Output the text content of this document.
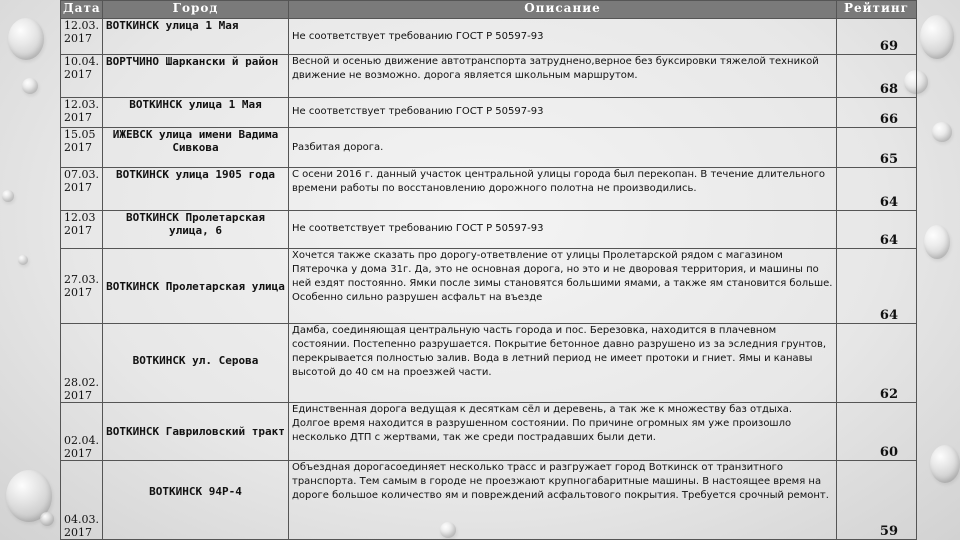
Дата	Город	Описание	Рейтинг
12.03. 2017	ВОТКИНСК улица 1 Мая	Не соответствует требованию ГОСТ Р 50597-93	69
10.04. 2017	ВОРТЧИНО Шаркански й район	Весной и осенью движение автотранспорта затруднено,верное без буксировки тяжелой техникой движение не возможно. дорога является школьным маршрутом.	68
12.03. 2017	ВОТКИНСК улица 1 Мая	Не соответствует требованию ГОСТ Р 50597-93	66
15.05 2017	ИЖЕВСК улица имени Вадима Сивкова	Разбитая дорога.	65
07.03. 2017	ВОТКИНСК улица 1905 года	С осени 2016 г. данный участок центральной улицы города был перекопан. В течение длительного времени работы по восстановлению дорожного полотна не производились.	64
12.03 2017	ВОТКИНСК Пролетарская улица, 6	Не соответствует требованию ГОСТ Р 50597-93	64
27.03. 2017	ВОТКИНСК Пролетарская улица	Хочется также сказать про дорогу-ответвление от улицы Пролетарской рядом с магазином Пятерочка у дома 31г. Да, это не основная дорога, но это и не дворовая территория, и машины по ней ездят постоянно. Ямки после зимы становятся большими ямами, а также ям становится больше. Особенно сильно разрушен асфальт на въезде	64
28.02. 2017	ВОТКИНСК ул. Серова	Дамба, соединяющая центральную часть города и пос. Березовка, находится в плачевном состоянии. Постепенно разрушается. Покрытие бетонное давно разрушено из за эследния грунтов, перекрывается полностью залив. Вода в летний период не имеет протоки и гниет. Ямы и канавы высотой до 40 см на проезжей части.	62
02.04. 2017	ВОТКИНСК Гавриловский тракт	Единственная дорога ведущая к десяткам сёл и деревень, а так же к множеству баз отдыха. Долгое время находится в разрушенном состоянии. По причине огромных ям уже произошло несколько ДТП с жертвами, так же среди пострадавших были дети.	60
04.03. 2017	ВОТКИНСК 94Р-4	Объездная дорогасоединяет несколько трасс и разгружает город Воткинск от транзитного транспорта. Тем самым в городе не проезжают крупногабаритные машины. В настоящее время на дороге большое количество ям и повреждений асфальтового покрытия. Требуется срочный ремонт.	59
